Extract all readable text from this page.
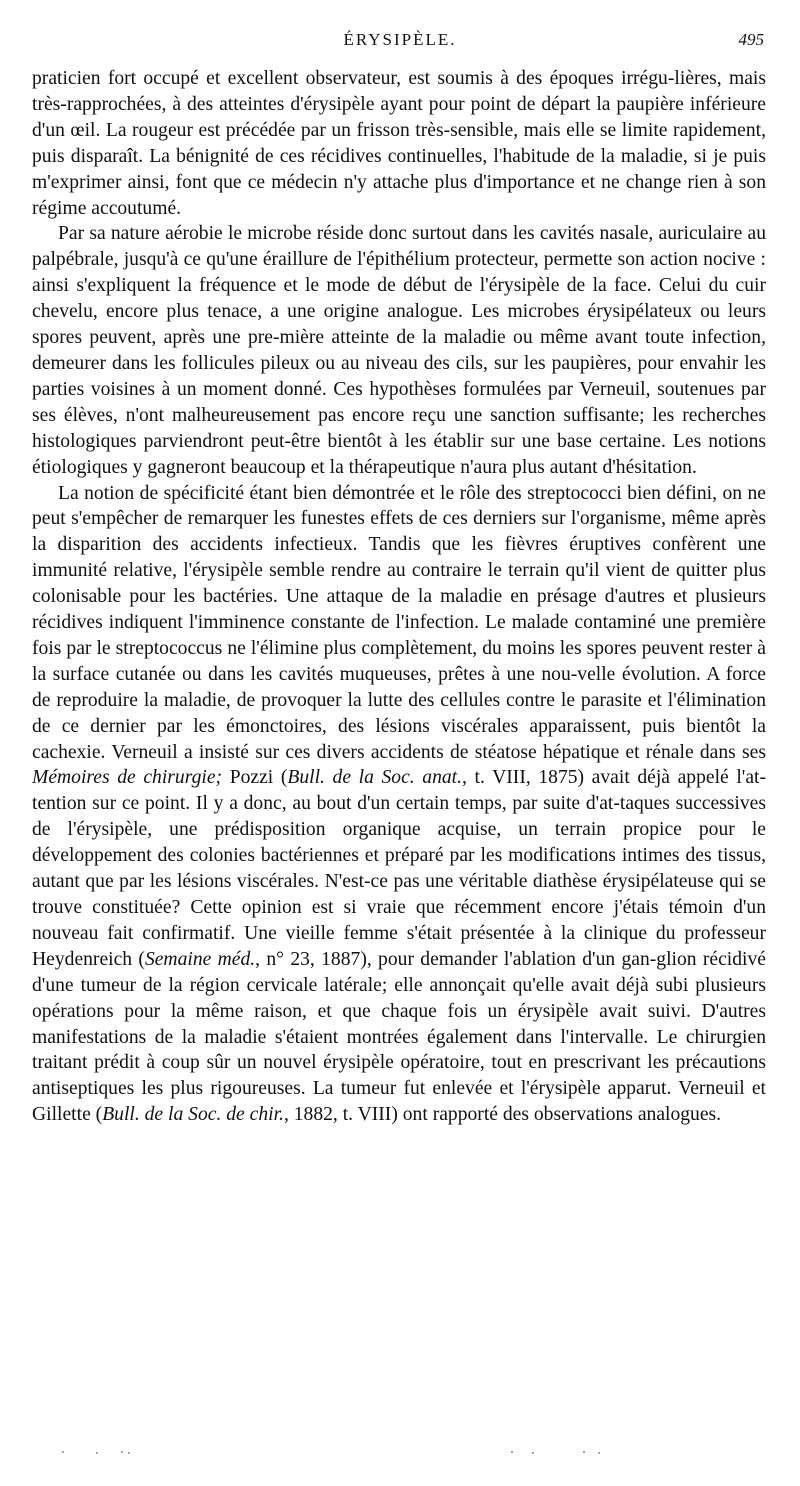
ÉRYSIPÈLE.	495

praticien fort occupé et excellent observateur, est soumis à des époques irrégu-lières, mais très-rapprochées, à des atteintes d'érysipèle ayant pour point de départ la paupière inférieure d'un œil. La rougeur est précédée par un frisson très-sensible, mais elle se limite rapidement, puis disparaît. La bénignité de ces récidives continuelles, l'habitude de la maladie, si je puis m'exprimer ainsi, font que ce médecin n'y attache plus d'importance et ne change rien à son régime accoutumé.

Par sa nature aérobie le microbe réside donc surtout dans les cavités nasale, auriculaire au palpébrale, jusqu'à ce qu'une éraillure de l'épithélium protecteur, permette son action nocive : ainsi s'expliquent la fréquence et le mode de début de l'érysipèle de la face. Celui du cuir chevelu, encore plus tenace, a une origine analogue. Les microbes érysipélateux ou leurs spores peuvent, après une pre-mière atteinte de la maladie ou même avant toute infection, demeurer dans les follicules pileux ou au niveau des cils, sur les paupières, pour envahir les parties voisines à un moment donné. Ces hypothèses formulées par Verneuil, soutenues par ses élèves, n'ont malheureusement pas encore reçu une sanction suffisante; les recherches histologiques parviendront peut-être bientôt à les établir sur une base certaine. Les notions étiologiques y gagneront beaucoup et la thérapeutique n'aura plus autant d'hésitation.

La notion de spécificité étant bien démontrée et le rôle des streptococci bien défini, on ne peut s'empêcher de remarquer les funestes effets de ces derniers sur l'organisme, même après la disparition des accidents infectieux. Tandis que les fièvres éruptives confèrent une immunité relative, l'érysipèle semble rendre au contraire le terrain qu'il vient de quitter plus colonisable pour les bactéries. Une attaque de la maladie en présage d'autres et plusieurs récidives indiquent l'imminence constante de l'infection. Le malade contaminé une première fois par le streptococcus ne l'élimine plus complètement, du moins les spores peuvent rester à la surface cutanée ou dans les cavités muqueuses, prêtes à une nou-velle évolution. A force de reproduire la maladie, de provoquer la lutte des cellules contre le parasite et l'élimination de ce dernier par les émonctoires, des lésions viscérales apparaissent, puis bientôt la cachexie. Verneuil a insisté sur ces divers accidents de stéatose hépatique et rénale dans ses Mémoires de chirurgie; Pozzi (Bull. de la Soc. anat., t. VIII, 1875) avait déjà appelé l'at-tention sur ce point. Il y a donc, au bout d'un certain temps, par suite d'at-taques successives de l'érysipèle, une prédisposition organique acquise, un terrain propice pour le développement des colonies bactériennes et préparé par les modifications intimes des tissus, autant que par les lésions viscérales. N'est-ce pas une véritable diathèse érysipélateuse qui se trouve constituée? Cette opinion est si vraie que récemment encore j'étais témoin d'un nouveau fait confirmatif. Une vieille femme s'était présentée à la clinique du professeur Heydenreich (Semaine méd., n° 23, 1887), pour demander l'ablation d'un gan-glion récidivé d'une tumeur de la région cervicale latérale; elle annonçait qu'elle avait déjà subi plusieurs opérations pour la même raison, et que chaque fois un érysipèle avait suivi. D'autres manifestations de la maladie s'étaient montrées également dans l'intervalle. Le chirurgien traitant prédit à coup sûr un nouvel érysipèle opératoire, tout en prescrivant les précautions antiseptiques les plus rigoureuses. La tumeur fut enlevée et l'érysipèle apparut. Verneuil et Gillette (Bull. de la Soc. de chir., 1882, t. VIII) ont rapporté des observations analogues.
